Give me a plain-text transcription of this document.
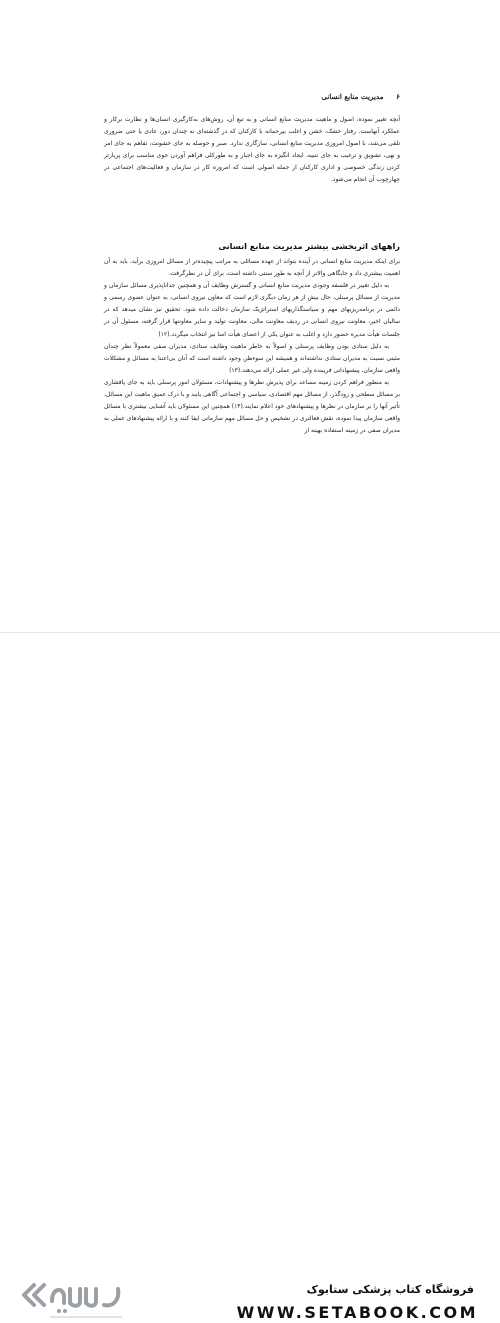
۶ مدیریت منابع انسانی

آنچه تغییر نموده، اصول و ماهیت مدیریت منابع انسانی و به تبع آن، روش‌های به‌کارگیری انسان‌ها و نظارت برکار و عملکرد آنهاست. رفتار خشک، خشن و اغلب بیرحمانه با کارکنان که در گذشته‌ای نه چندان دور، عادی یا حتی ضروری تلقی می‌شد، با اصول امروزی مدیریت منابع انسانی، سازگاری ندارد. صبر و حوصله به جای خشونت، تفاهم به جای امر و نهی، تشویق و ترغیب به جای تنبیه، ایجاد انگیزه به جای اجبار و به طورکلی فراهم آوردن جوی مناسب برای پربارتر کردن زندگی خصوصی و اداری کارکنان از جمله اصولی است که امروزه کار در سازمان و فعالیت‌های اجتماعی در چهارچوب آن انجام می‌شود.

راههای اثربخشی بیشتر مدیریت منابع انسانی

برای اینکه مدیریت منابع انسانی در آینده بتواند از عهده مسائلی به مراتب پیچیده‌تر از مسائل امروزی برآید، باید به آن اهمیت بیشتری داد و جایگاهی والاتر از آنچه به طور سنتی داشته است، برای آن در نظرگرفت.

به دلیل تغییر در فلسفه وجودی مدیریت منابع انسانی و گسترش وظایف آن و همچنین جدانا‌پذیری مسائل سازمان و مدیریت از مسائل پرسنلی، حال بیش از هر زمان دیگری لازم است که معاون نیروی انسانی، به عنوان عضوی رسمی و دائمی در برنامه‌ریزیهای مهم و سیاستگذاریهای استراتژیک سازمان دخالت داده شود. تحقیق نیز نشان میدهد که در سالیان اخیر، معاونت نیروی انسانی در ردیف معاونت مالی، معاونت تولید و سایر معاونتها قرار گرفته، مسئول آن در جلسات هیأت مدیره حضور دارد و اغلب به عنوان یکی از اعضای هیأت امنا نیز انتخاب میگردد.(۱۲)

به دلیل ستادی بودن وظایف پرسنلی و اصولاً به خاطر ماهیت وظایف ستادی، مدیران صفی معمولاً نظر چندان مثبتی نسبت به مدیران ستادی نداشته‌اند و همیشه این سوءظن وجود داشته است که آنان بی‌اعتنا به مسائل و مشکلات واقعی سازمان، پیشنهاداتی فریبنده ولی غیر عملی ارائه می‌دهند.(۱۳)

به منظور فراهم کردن زمینه مساعد برای پذیرش نظرها و پیشنهادات، مسئولان امور پرسنلی باید به جای پافشاری بر مسائل سطحی و زودگذر، از مسائل مهم اقتصادی، سیاسی و اجتماعی آگاهی یابند و با درک عمیق ماهیت این مسائل، تأثیر آنها را بر سازمان در نظرها و پیشنهادهای خود اعلام نمایند.(۱۴) همچنین این مسئولان باید آشنایی بیشتری با مسائل واقعی سازمان پیدا نموده، نقش فعالتری در تشخیص و حل مسائل مهم سازمانی ایفا کنند و با ارائه پیشنهادهای عملی به مدیران صفی در زمینه استفاده بهینه از

فروشگاه کتاب پزشکی ستابوک
WWW.SETABOOK.COM
